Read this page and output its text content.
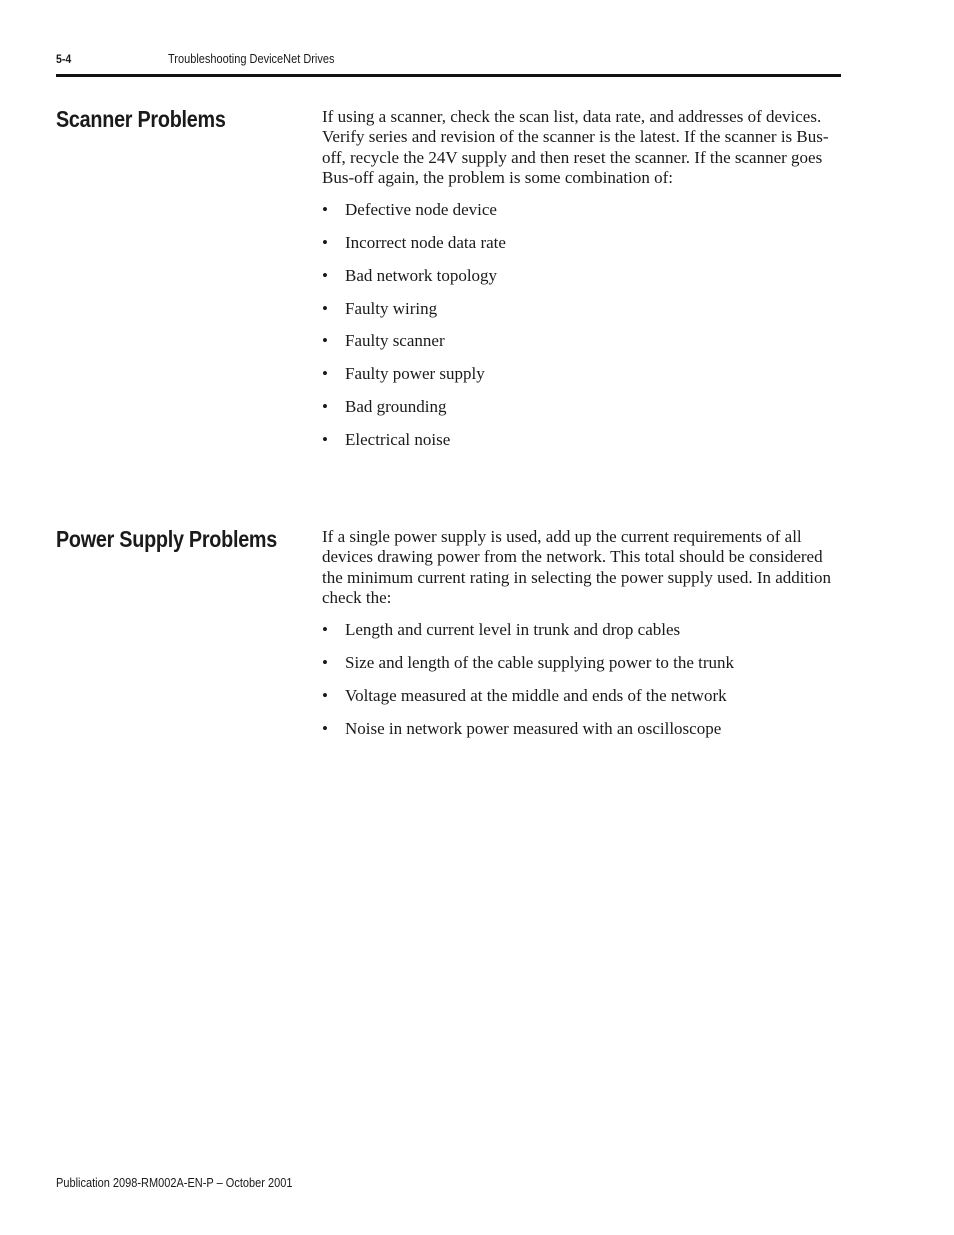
5-4	Troubleshooting DeviceNet Drives
Scanner Problems	If using a scanner, check the scan list, data rate, and addresses of devices. Verify series and revision of the scanner is the latest. If the scanner is Bus-off, recycle the 24V supply and then reset the scanner. If the scanner goes Bus-off again, the problem is some combination of:

• Defective node device
• Incorrect node data rate
• Bad network topology
• Faulty wiring
• Faulty scanner
• Faulty power supply
• Bad grounding
• Electrical noise
Power Supply Problems	If a single power supply is used, add up the current requirements of all devices drawing power from the network. This total should be considered the minimum current rating in selecting the power supply used. In addition check the:

• Length and current level in trunk and drop cables
• Size and length of the cable supplying power to the trunk
• Voltage measured at the middle and ends of the network
• Noise in network power measured with an oscilloscope
Publication 2098-RM002A-EN-P – October 2001
